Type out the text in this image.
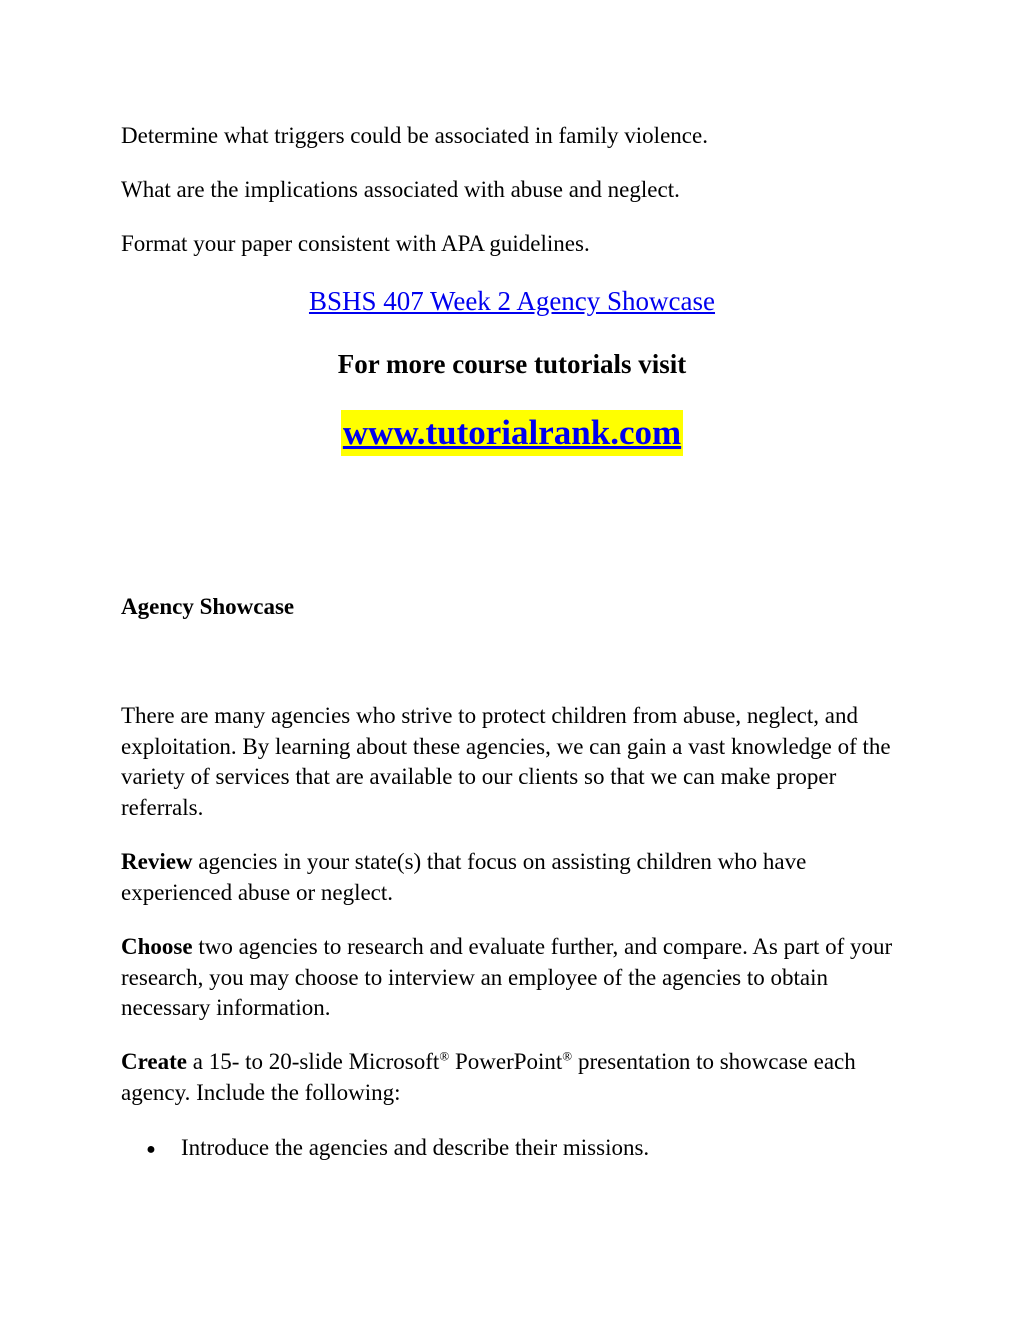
Determine what triggers could be associated in family violence.

What are the implications associated with abuse and neglect.

Format your paper consistent with APA guidelines.

BSHS 407 Week 2 Agency Showcase

For more course tutorials visit

www.tutorialrank.com

Agency Showcase

There are many agencies who strive to protect children from abuse, neglect, and exploitation. By learning about these agencies, we can gain a vast knowledge of the variety of services that are available to our clients so that we can make proper referrals.

Review agencies in your state(s) that focus on assisting children who have experienced abuse or neglect.

Choose two agencies to research and evaluate further, and compare. As part of your research, you may choose to interview an employee of the agencies to obtain necessary information.

Create a 15- to 20-slide Microsoft® PowerPoint® presentation to showcase each agency. Include the following:

● Introduce the agencies and describe their missions.
